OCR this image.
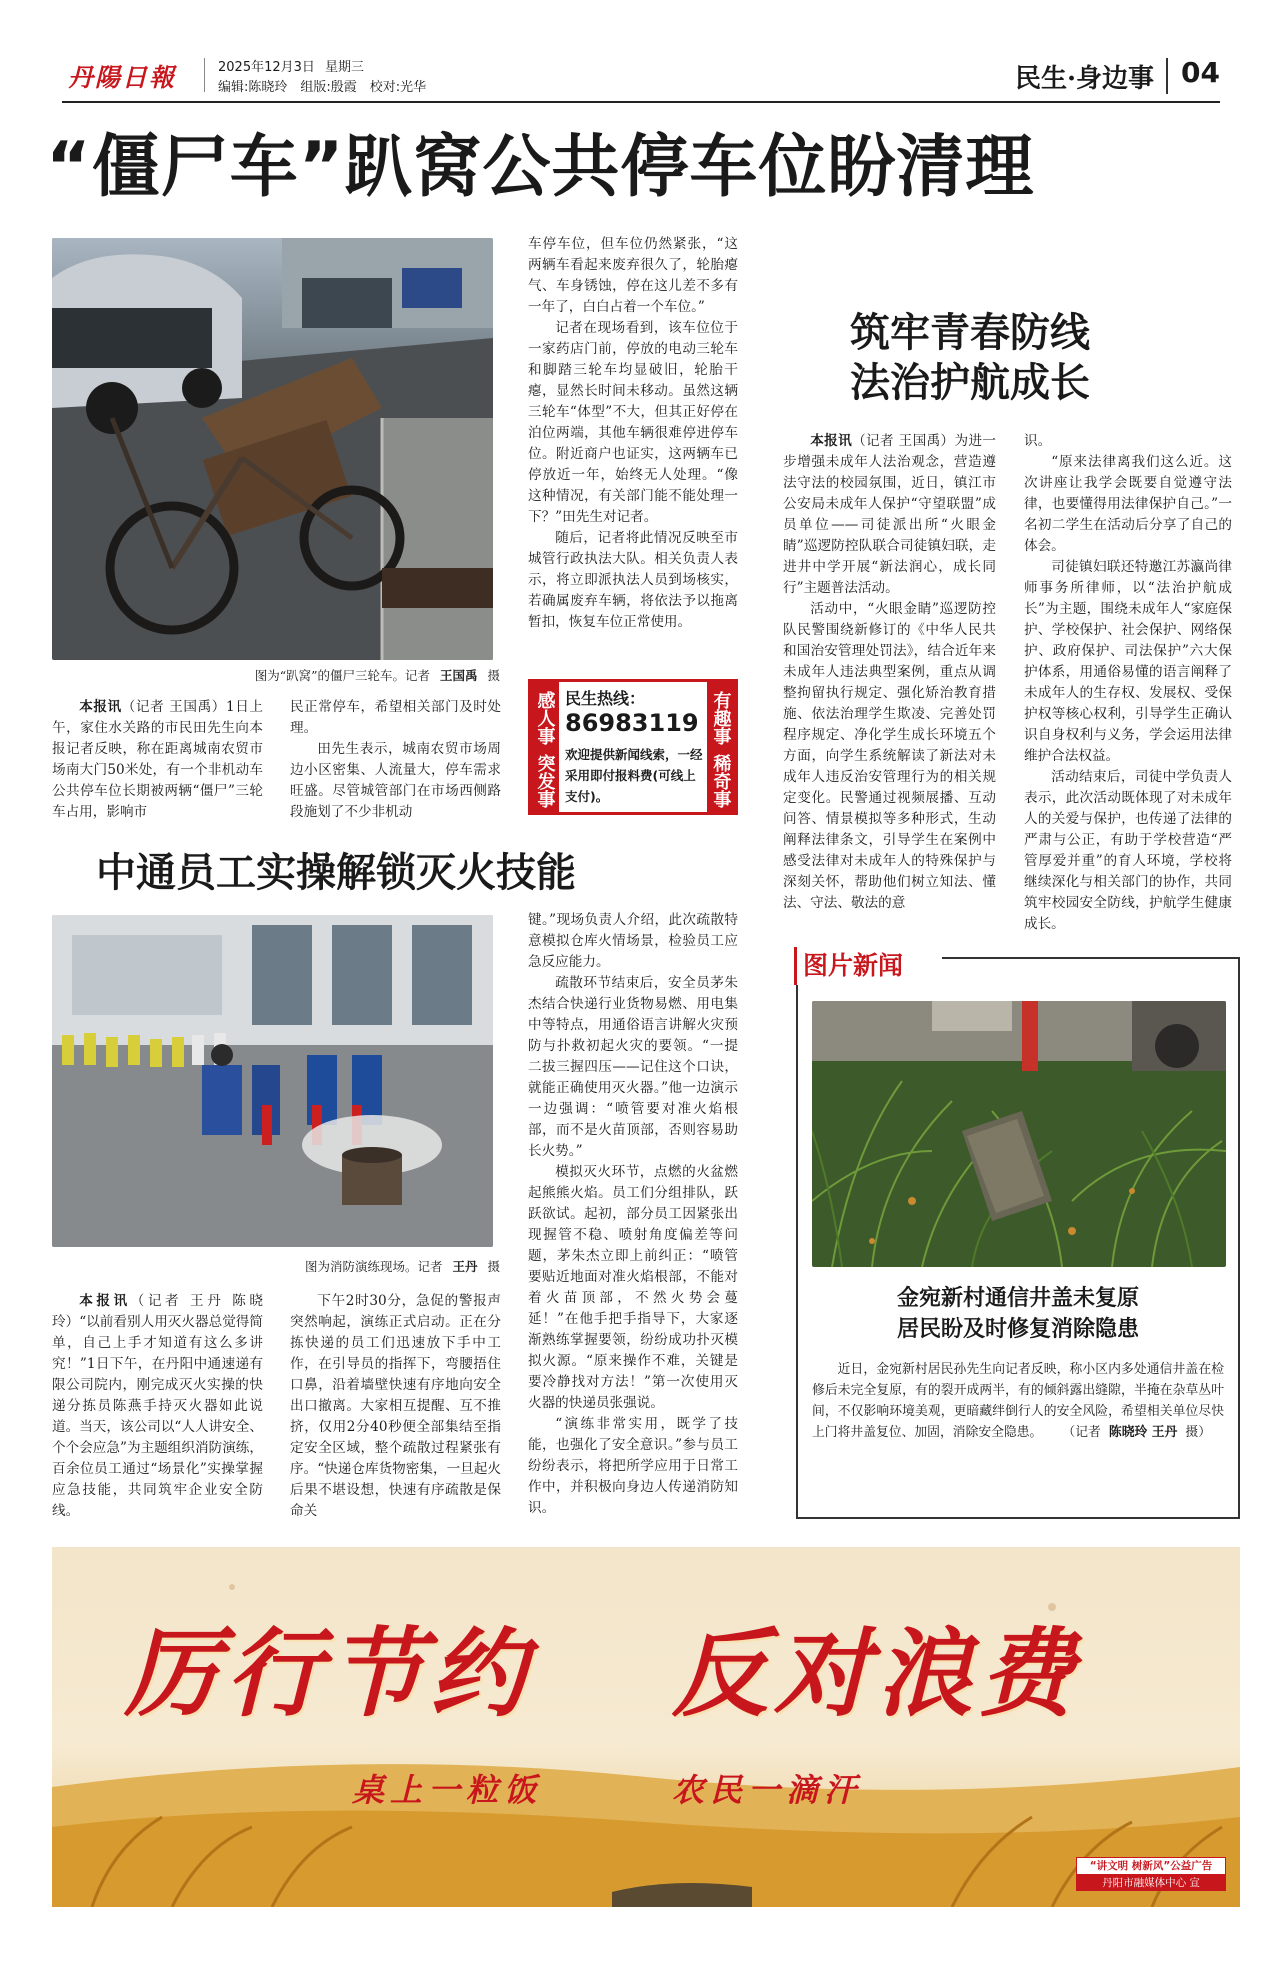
丹陽日報	2025年12月3日 星期三
编辑:陈晓玲　组版:殷霞　校对:光华	民生·身边事 04
“僵尸车”趴窝公共停车位盼清理
图为“趴窝”的僵尸三轮车。记者 王国禹 摄

本报讯（记者 王国禹）1日上午，家住水关路的市民田先生向本报记者反映，称在距离城南农贸市场南大门50米处，有一个非机动车公共停车位长期被两辆“僵尸”三轮车占用，影响市

民正常停车，希望相关部门及时处理。

田先生表示，城南农贸市场周边小区密集、人流量大，停车需求旺盛。尽管城管部门在市场西侧路段施划了不少非机动

车停车位，但车位仍然紧张，“这两辆车看起来废弃很久了，轮胎瘪气、车身锈蚀，停在这儿差不多有一年了，白白占着一个车位。”

记者在现场看到，该车位位于一家药店门前，停放的电动三轮车和脚踏三轮车均显破旧，轮胎干瘪，显然长时间未移动。虽然这辆三轮车“体型”不大，但其正好停在泊位两端，其他车辆很难停进停车位。附近商户也证实，这两辆车已停放近一年，始终无人处理。“像这种情况，有关部门能不能处理一下？”田先生对记者。

随后，记者将此情况反映至市城管行政执法大队。相关负责人表示，将立即派执法人员到场核实，若确属废弃车辆，将依法予以拖离暂扣，恢复车位正常使用。

感人事
突发事
民生热线：
86983119
欢迎提供新闻线索，一经采用即付报料费(可线上支付)。
有趣事
稀奇事
筑牢青春防线
法治护航成长

本报讯（记者 王国禹）为进一步增强未成年人法治观念，营造遵法守法的校园氛围，近日，镇江市公安局未成年人保护“守望联盟”成员单位——司徒派出所“火眼金睛”巡逻防控队联合司徒镇妇联，走进井中学开展“新法润心，成长同行”主题普法活动。

活动中，“火眼金睛”巡逻防控队民警围绕新修订的《中华人民共和国治安管理处罚法》，结合近年来未成年人违法典型案例，重点从调整拘留执行规定、强化矫治教育措施、依法治理学生欺凌、完善处罚程序规定、净化学生成长环境五个方面，向学生系统解读了新法对未成年人违反治安管理行为的相关规定变化。民警通过视频展播、互动问答、情景模拟等多种形式，生动阐释法律条文，引导学生在案例中感受法律对未成年人的特殊保护与深刻关怀，帮助他们树立知法、懂法、守法、敬法的意

识。

“原来法律离我们这么近。这次讲座让我学会既要自觉遵守法律，也要懂得用法律保护自己。”一名初二学生在活动后分享了自己的体会。

司徒镇妇联还特邀江苏瀛尚律师事务所律师，以“法治护航成长”为主题，围绕未成年人“家庭保护、学校保护、社会保护、网络保护、政府保护、司法保护”六大保护体系，用通俗易懂的语言阐释了未成年人的生存权、发展权、受保护权等核心权利，引导学生正确认识自身权利与义务，学会运用法律维护合法权益。

活动结束后，司徒中学负责人表示，此次活动既体现了对未成年人的关爱与保护，也传递了法律的严肃与公正，有助于学校营造“严管厚爱并重”的育人环境，学校将继续深化与相关部门的协作，共同筑牢校园安全防线，护航学生健康成长。

中通员工实操解锁灭火技能
图为消防演练现场。记者 王丹 摄

本报讯（记者 王丹 陈晓玲）“以前看别人用灭火器总觉得简单，自己上手才知道有这么多讲究！”1日下午，在丹阳中通速递有限公司院内，刚完成灭火实操的快递分拣员陈燕手持灭火器如此说道。当天，该公司以“人人讲安全、个个会应急”为主题组织消防演练，百余位员工通过“场景化”实操掌握应急技能，共同筑牢企业安全防线。

下午2时30分，急促的警报声突然响起，演练正式启动。正在分拣快递的员工们迅速放下手中工作，在引导员的指挥下，弯腰捂住口鼻，沿着墙壁快速有序地向安全出口撤离。大家相互提醒、互不推挤，仅用2分40秒便全部集结至指定安全区域，整个疏散过程紧张有序。“快递仓库货物密集，一旦起火后果不堪设想，快速有序疏散是保命关

键。”现场负责人介绍，此次疏散特意模拟仓库火情场景，检验员工应急反应能力。

疏散环节结束后，安全员茅朱杰结合快递行业货物易燃、用电集中等特点，用通俗语言讲解火灾预防与扑救初起火灾的要领。“一提二拔三握四压——记住这个口诀，就能正确使用灭火器。”他一边演示一边强调：“喷管要对准火焰根部，而不是火苗顶部，否则容易助长火势。”

模拟灭火环节，点燃的火盆燃起熊熊火焰。员工们分组排队，跃跃欲试。起初，部分员工因紧张出现握管不稳、喷射角度偏差等问题，茅朱杰立即上前纠正：“喷管要贴近地面对准火焰根部，不能对着火苗顶部，不然火势会蔓延！”在他手把手指导下，大家逐渐熟练掌握要领，纷纷成功扑灭模拟火源。“原来操作不难，关键是要冷静找对方法！”第一次使用灭火器的快递员张强说。

“演练非常实用，既学了技能，也强化了安全意识。”参与员工纷纷表示，将把所学应用于日常工作中，并积极向身边人传递消防知识。

图片新闻
金宛新村通信井盖未复原
居民盼及时修复消除隐患
近日，金宛新村居民孙先生向记者反映，称小区内多处通信井盖在检修后未完全复原，有的裂开成两半，有的倾斜露出缝隙，半掩在杂草丛叶间，不仅影响环境美观，更暗藏绊倒行人的安全风险，希望相关单位尽快上门将井盖复位、加固，消除安全隐患。 （记者 陈晓玲 王丹 摄）
厉行节约 反对浪费
桌上一粒饭	农民一滴汗
“讲文明 树新风”公益广告
丹阳市融媒体中心 宣
